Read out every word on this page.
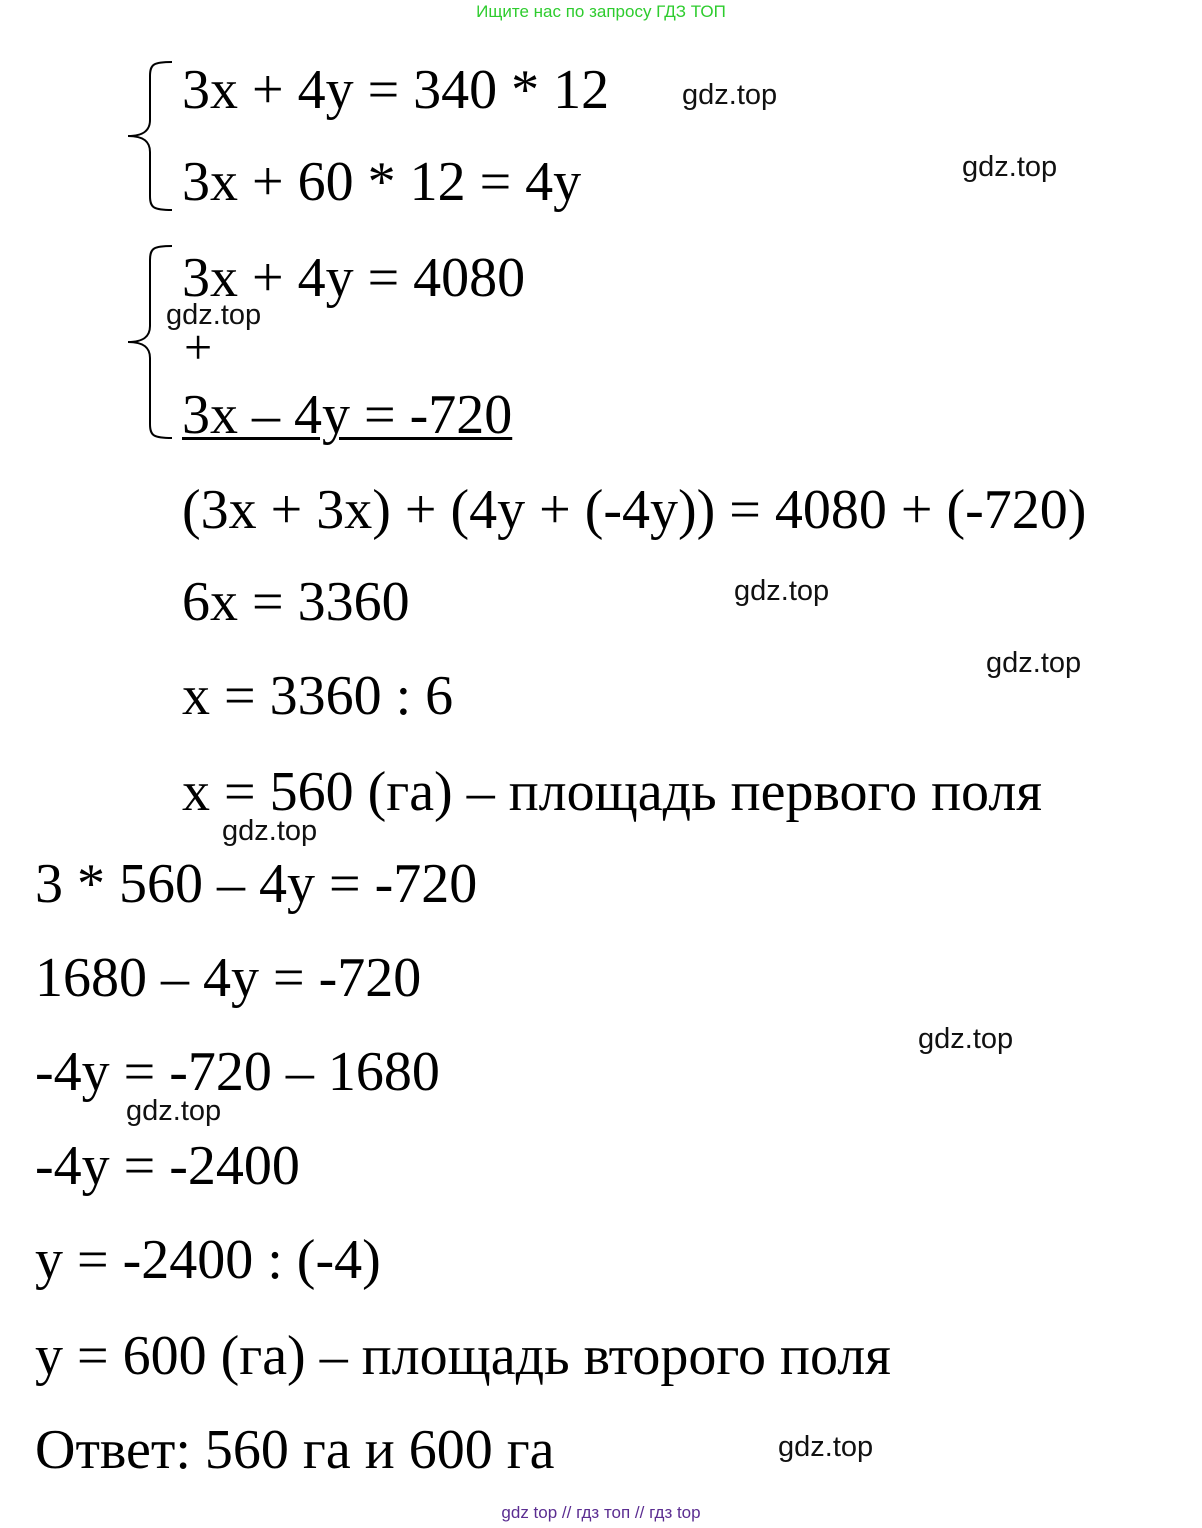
Ищите нас по запросу ГДЗ ТОП
3x + 4y = 340 * 12
3x + 60 * 12 = 4y
3x + 4y = 4080
+
3x – 4y = -720
(3x + 3x) + (4y + (-4y)) = 4080 + (-720)
6x = 3360
x = 3360 : 6
x = 560 (га) – площадь первого поля
3 * 560 – 4y = -720
1680 – 4y = -720
-4y = -720 – 1680
-4y = -2400
y = -2400 : (-4)
y = 600 (га) – площадь второго поля
Ответ: 560 га и 600 га
gdz.top
gdz.top
gdz.top
gdz.top
gdz.top
gdz.top
gdz.top
gdz.top
gdz.top
gdz top // гдз топ // гдз top
